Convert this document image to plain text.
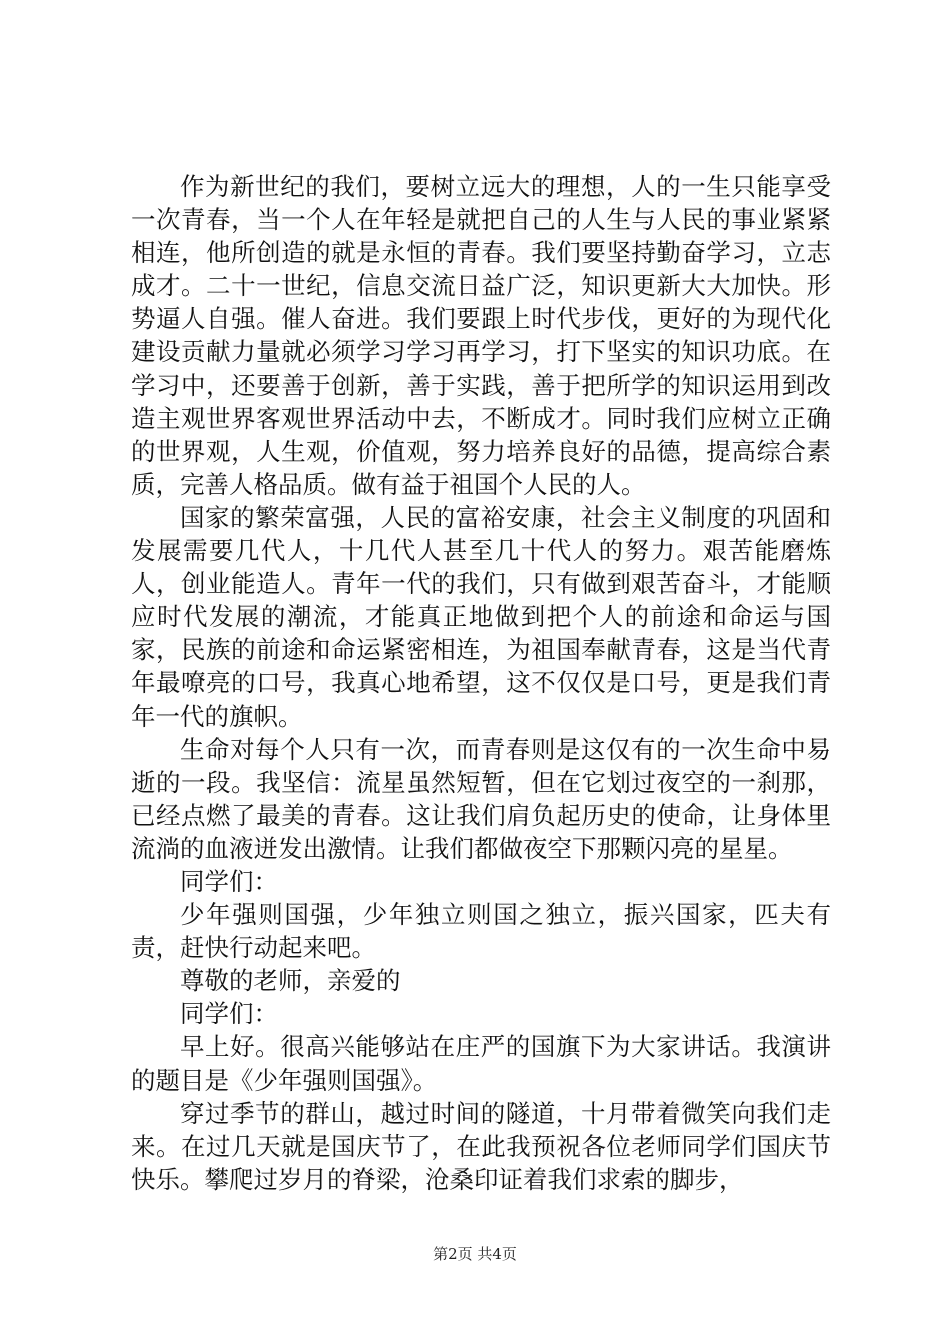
作为新世纪的我们，要树立远大的理想，人的一生只能享受一次青春，当一个人在年轻是就把自己的人生与人民的事业紧紧相连，他所创造的就是永恒的青春。我们要坚持勤奋学习，立志成才。二十一世纪，信息交流日益广泛，知识更新大大加快。形势逼人自强。催人奋进。我们要跟上时代步伐，更好的为现代化建设贡献力量就必须学习学习再学习，打下坚实的知识功底。在学习中，还要善于创新，善于实践，善于把所学的知识运用到改造主观世界客观世界活动中去，不断成才。同时我们应树立正确的世界观，人生观，价值观，努力培养良好的品德，提高综合素质，完善人格品质。做有益于祖国个人民的人。

国家的繁荣富强，人民的富裕安康，社会主义制度的巩固和发展需要几代人，十几代人甚至几十代人的努力。艰苦能磨炼人，创业能造人。青年一代的我们，只有做到艰苦奋斗，才能顺应时代发展的潮流，才能真正地做到把个人的前途和命运与国家，民族的前途和命运紧密相连，为祖国奉献青春，这是当代青年最嘹亮的口号，我真心地希望，这不仅仅是口号，更是我们青年一代的旗帜。

生命对每个人只有一次，而青春则是这仅有的一次生命中易逝的一段。我坚信：流星虽然短暂，但在它划过夜空的一刹那，已经点燃了最美的青春。这让我们肩负起历史的使命，让身体里流淌的血液迸发出激情。让我们都做夜空下那颗闪亮的星星。

同学们：

少年强则国强，少年独立则国之独立，振兴国家，匹夫有责，赶快行动起来吧。

尊敬的老师，亲爱的

同学们：

早上好。很高兴能够站在庄严的国旗下为大家讲话。我演讲的题目是《少年强则国强》。

穿过季节的群山，越过时间的隧道，十月带着微笑向我们走来。在过几天就是国庆节了，在此我预祝各位老师同学们国庆节快乐。攀爬过岁月的脊梁，沧桑印证着我们求索的脚步，

第2页 共4页
